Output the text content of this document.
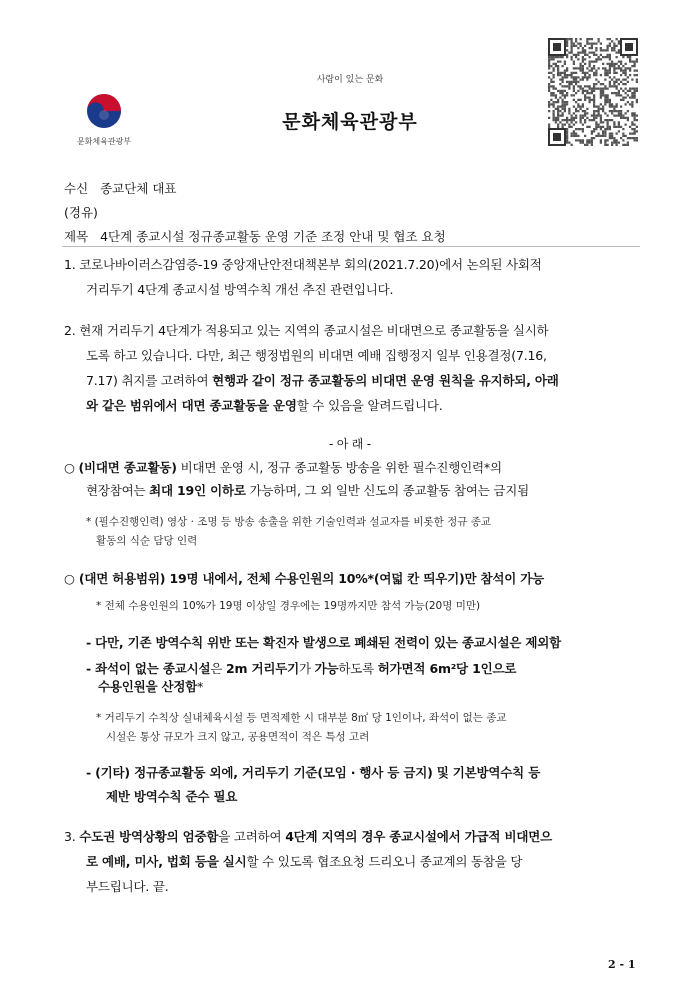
사람이 있는 문화
문화체육관광부
문화체육관광부
수신 종교단체 대표
(경유)
제목 4단계 종교시설 정규종교활동 운영 기준 조정 안내 및 협조 요청
1. 코로나바이러스감염증-19 중앙재난안전대책본부 회의(2021.7.20)에서 논의된 사회적
거리두기 4단계 종교시설 방역수칙 개선 추진 관련입니다.
2. 현재 거리두기 4단계가 적용되고 있는 지역의 종교시설은 비대면으로 종교활동을 실시하
도록 하고 있습니다. 다만, 최근 행정법원의 비대면 예배 집행정지 일부 인용결정(7.16,
7.17) 취지를 고려하여 현행과 같이 정규 종교활동의 비대면 운영 원칙을 유지하되, 아래
와 같은 범위에서 대면 종교활동을 운영할 수 있음을 알려드립니다.
- 아 래 -
○ (비대면 종교활동) 비대면 운영 시, 정규 종교활동 방송을 위한 필수진행인력*의
현장참여는 최대 19인 이하로 가능하며, 그 외 일반 신도의 종교활동 참여는 금지됨
* (필수진행인력) 영상 · 조명 등 방송 송출을 위한 기술인력과 설교자를 비롯한 정규 종교
활동의 식순 담당 인력
○ (대면 허용범위) 19명 내에서, 전체 수용인원의 10%*(여덟 칸 띄우기)만 참석이 가능
* 전체 수용인원의 10%가 19명 이상일 경우에는 19명까지만 참석 가능(20명 미만)
- 다만, 기존 방역수칙 위반 또는 확진자 발생으로 폐쇄된 전력이 있는 종교시설은 제외함
- 좌석이 없는 종교시설은 2m 거리두기가 가능하도록 허가면적 6m²당 1인으로
수용인원을 산정함*
* 거리두기 수칙상 실내체육시설 등 면적제한 시 대부분 8㎡ 당 1인이나, 좌석이 없는 종교
시설은 통상 규모가 크지 않고, 공용면적이 적은 특성 고려
- (기타) 정규종교활동 외에, 거리두기 기준(모임 · 행사 등 금지) 및 기본방역수칙 등
제반 방역수칙 준수 필요
3. 수도권 방역상황의 엄중함을 고려하여 4단계 지역의 경우 종교시설에서 가급적 비대면으
로 예배, 미사, 법회 등을 실시할 수 있도록 협조요청 드리오니 종교계의 동참을 당
부드립니다. 끝.
2 - 1
